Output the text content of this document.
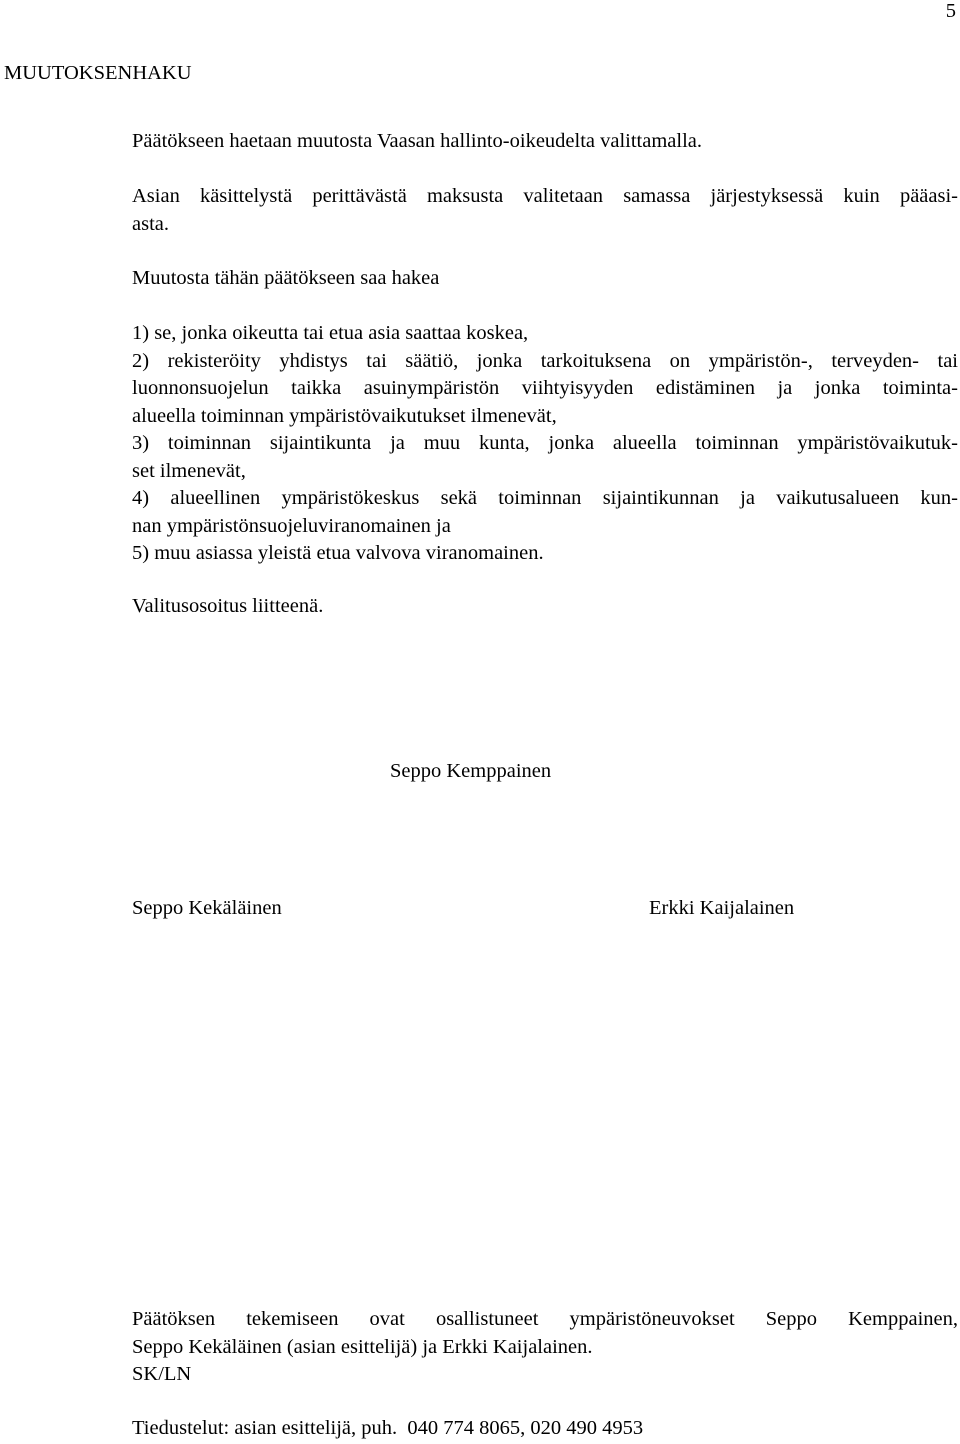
5
MUUTOKSENHAKU
Päätökseen haetaan muutosta Vaasan hallinto-oikeudelta valittamalla.
Asian käsittelystä perittävästä maksusta valitetaan samassa järjestyksessä kuin pääasi-
asta.
Muutosta tähän päätökseen saa hakea
1) se, jonka oikeutta tai etua asia saattaa koskea,
2) rekisteröity yhdistys tai säätiö, jonka tarkoituksena on ympäristön-, terveyden- tai
luonnonsuojelun taikka asuinympäristön viihtyisyyden edistäminen ja jonka toiminta-
alueella toiminnan ympäristövaikutukset ilmenevät,
3) toiminnan sijaintikunta ja muu kunta, jonka alueella toiminnan ympäristövaikutuk-
set ilmenevät,
4) alueellinen ympäristökeskus sekä toiminnan sijaintikunnan ja vaikutusalueen kun-
nan ympäristönsuojeluviranomainen ja
5) muu asiassa yleistä etua valvova viranomainen.
Valitusosoitus liitteenä.
Seppo Kemppainen
Seppo Kekäläinen	Erkki Kaijalainen
Päätöksen tekemiseen ovat osallistuneet ympäristöneuvokset Seppo Kemppainen,
Seppo Kekäläinen (asian esittelijä) ja Erkki Kaijalainen.
SK/LN
Tiedustelut: asian esittelijä, puh.  040 774 8065, 020 490 4953
